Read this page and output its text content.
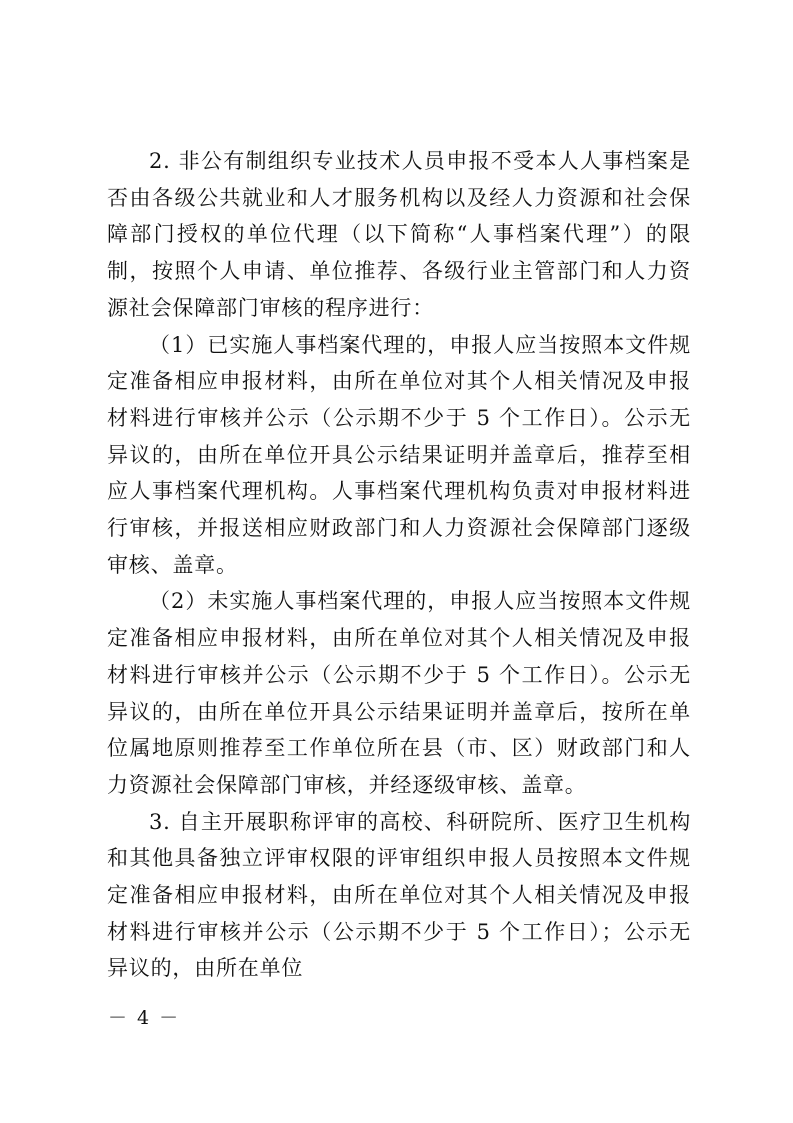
2. 非公有制组织专业技术人员申报不受本人人事档案是否由各级公共就业和人才服务机构以及经人力资源和社会保障部门授权的单位代理（以下简称“人事档案代理”）的限制，按照个人申请、单位推荐、各级行业主管部门和人力资源社会保障部门审核的程序进行：

（1）已实施人事档案代理的，申报人应当按照本文件规定准备相应申报材料，由所在单位对其个人相关情况及申报材料进行审核并公示（公示期不少于 5 个工作日）。公示无异议的，由所在单位开具公示结果证明并盖章后，推荐至相应人事档案代理机构。人事档案代理机构负责对申报材料进行审核，并报送相应财政部门和人力资源社会保障部门逐级审核、盖章。

（2）未实施人事档案代理的，申报人应当按照本文件规定准备相应申报材料，由所在单位对其个人相关情况及申报材料进行审核并公示（公示期不少于 5 个工作日）。公示无异议的，由所在单位开具公示结果证明并盖章后，按所在单位属地原则推荐至工作单位所在县（市、区）财政部门和人力资源社会保障部门审核，并经逐级审核、盖章。

3. 自主开展职称评审的高校、科研院所、医疗卫生机构和其他具备独立评审权限的评审组织申报人员按照本文件规定准备相应申报材料，由所在单位对其个人相关情况及申报材料进行审核并公示（公示期不少于 5 个工作日）；公示无异议的，由所在单位

－ 4 －
